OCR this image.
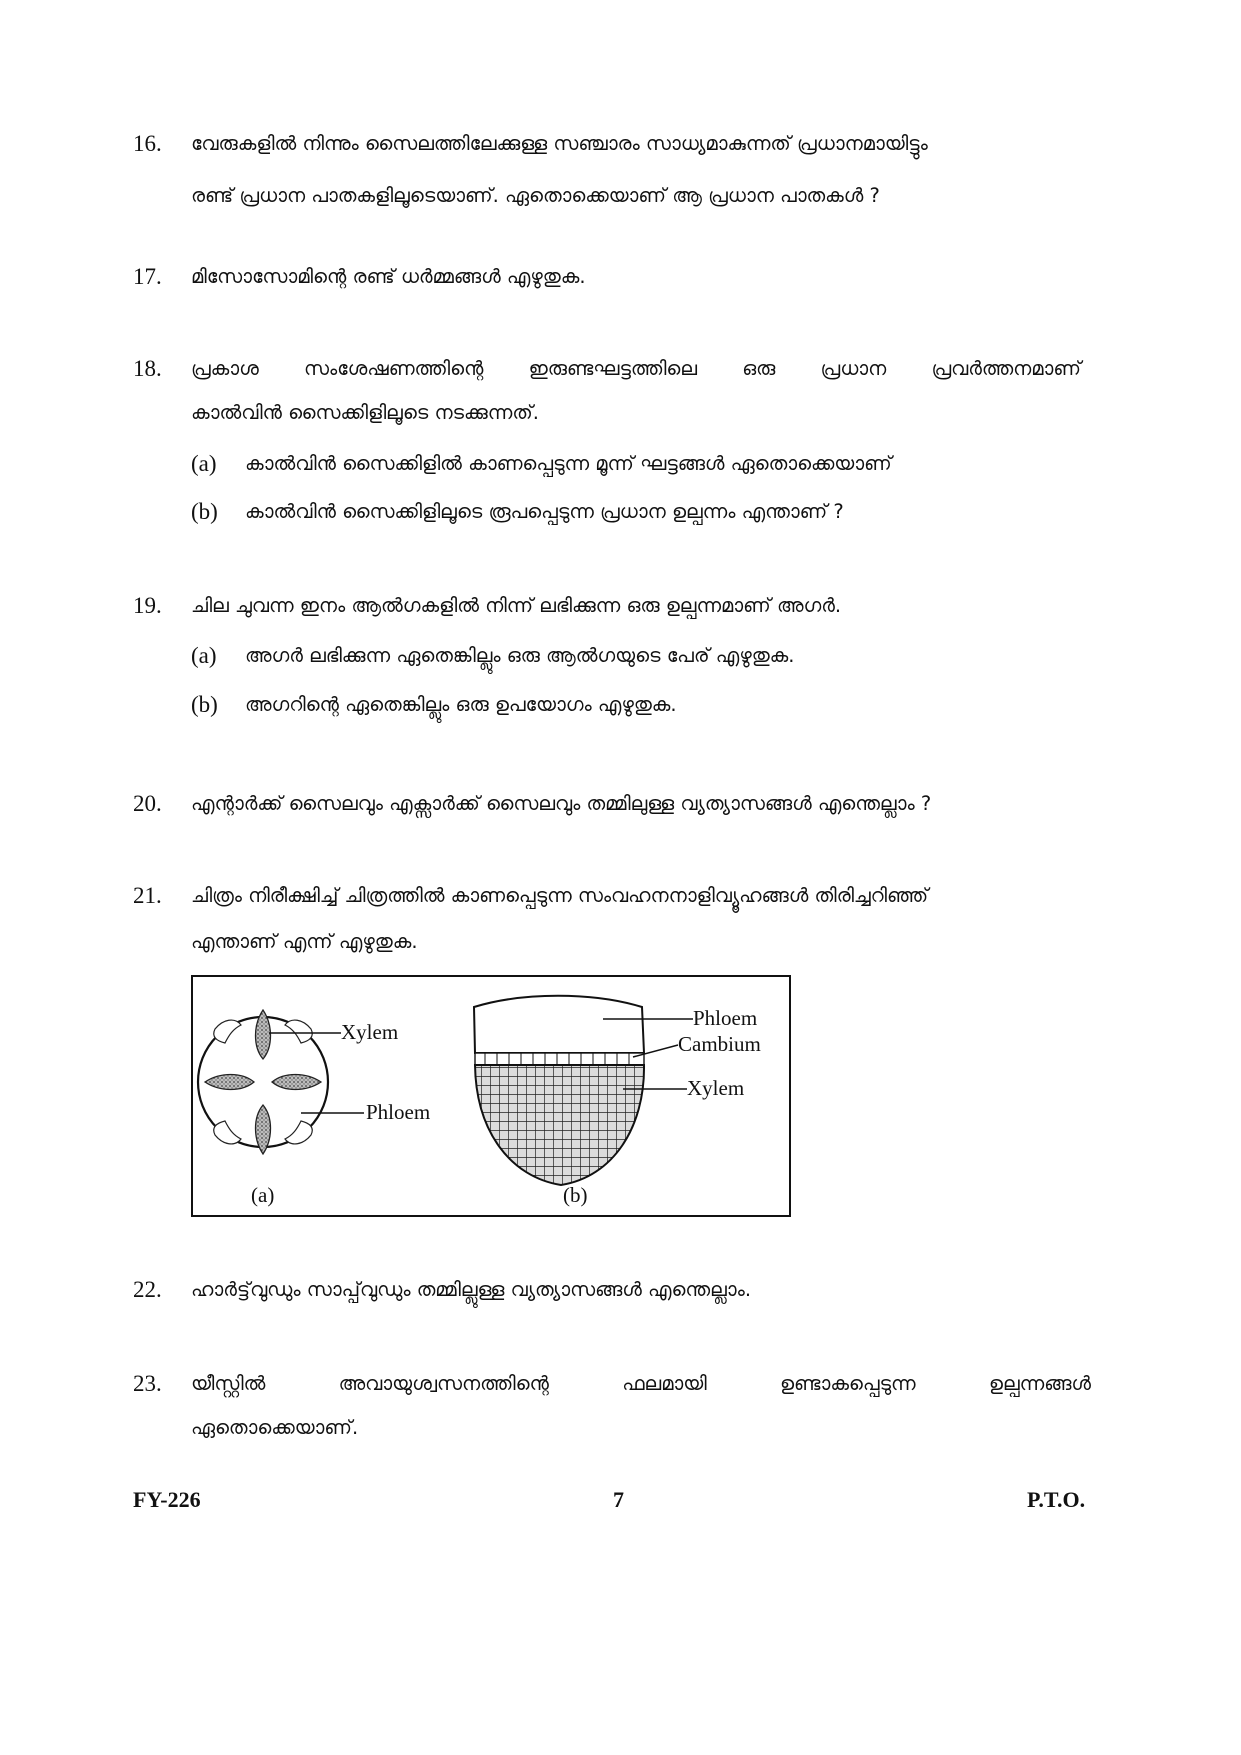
16.	വേരുകളിൽ നിന്നും സൈലത്തിലേക്കുള്ള സഞ്ചാരം സാധ്യമാകുന്നത് പ്രധാനമായിട്ടും
രണ്ട് പ്രധാന പാതകളിലൂടെയാണ്. ഏതൊക്കെയാണ് ആ പ്രധാന പാതകൾ ?
17.	മിസോസോമിന്റെ രണ്ട് ധർമ്മങ്ങൾ എഴുതുക.
18.	പ്രകാശ സംശേഷണത്തിന്റെ ഇരുണ്ടഘട്ടത്തിലെ ഒരു പ്രധാന പ്രവർത്തനമാണ്
കാൽവിൻ സൈക്കിളിലൂടെ നടക്കുന്നത്.
(a) കാൽവിൻ സൈക്കിളിൽ കാണപ്പെടുന്ന മൂന്ന് ഘട്ടങ്ങൾ ഏതൊക്കെയാണ്
(b) കാൽവിൻ സൈക്കിളിലൂടെ രൂപപ്പെടുന്ന പ്രധാന ഉല്പന്നം എന്താണ് ?
19.	ചില ചുവന്ന ഇനം ആൽഗകളിൽ നിന്ന് ലഭിക്കുന്ന ഒരു ഉല്പന്നമാണ് അഗർ.
(a) അഗർ ലഭിക്കുന്ന ഏതെങ്കില്ലും ഒരു ആൽഗയുടെ പേര് എഴുതുക.
(b) അഗറിന്റെ ഏതെങ്കില്ലും ഒരു ഉപയോഗം എഴുതുക.
20.	എന്റാർക്ക് സൈലവും എക്സാർക്ക് സൈലവും തമ്മിലുള്ള വ്യത്യാസങ്ങൾ എന്തെല്ലാം ?
21.	ചിത്രം നിരീക്ഷിച്ച് ചിത്രത്തിൽ കാണപ്പെടുന്ന സംവഹനനാളിവ്യൂഹങ്ങൾ തിരിച്ചറിഞ്ഞ്
എന്താണ് എന്ന് എഴുതുക.
Xylem
Phloem
(a)
Phloem
Cambium
Xylem
(b)
22.	ഹാർട്ട്‌വുഡും സാപ്പ്‌വുഡും തമ്മില്ലുള്ള വ്യത്യാസങ്ങൾ എന്തെല്ലാം.
23.	യീസ്റ്റിൽ അവായുശ്വസനത്തിന്റെ ഫലമായി ഉണ്ടാകപ്പെടുന്ന ഉല്പന്നങ്ങൾ
ഏതൊക്കെയാണ്.
FY-226	7	P.T.O.
